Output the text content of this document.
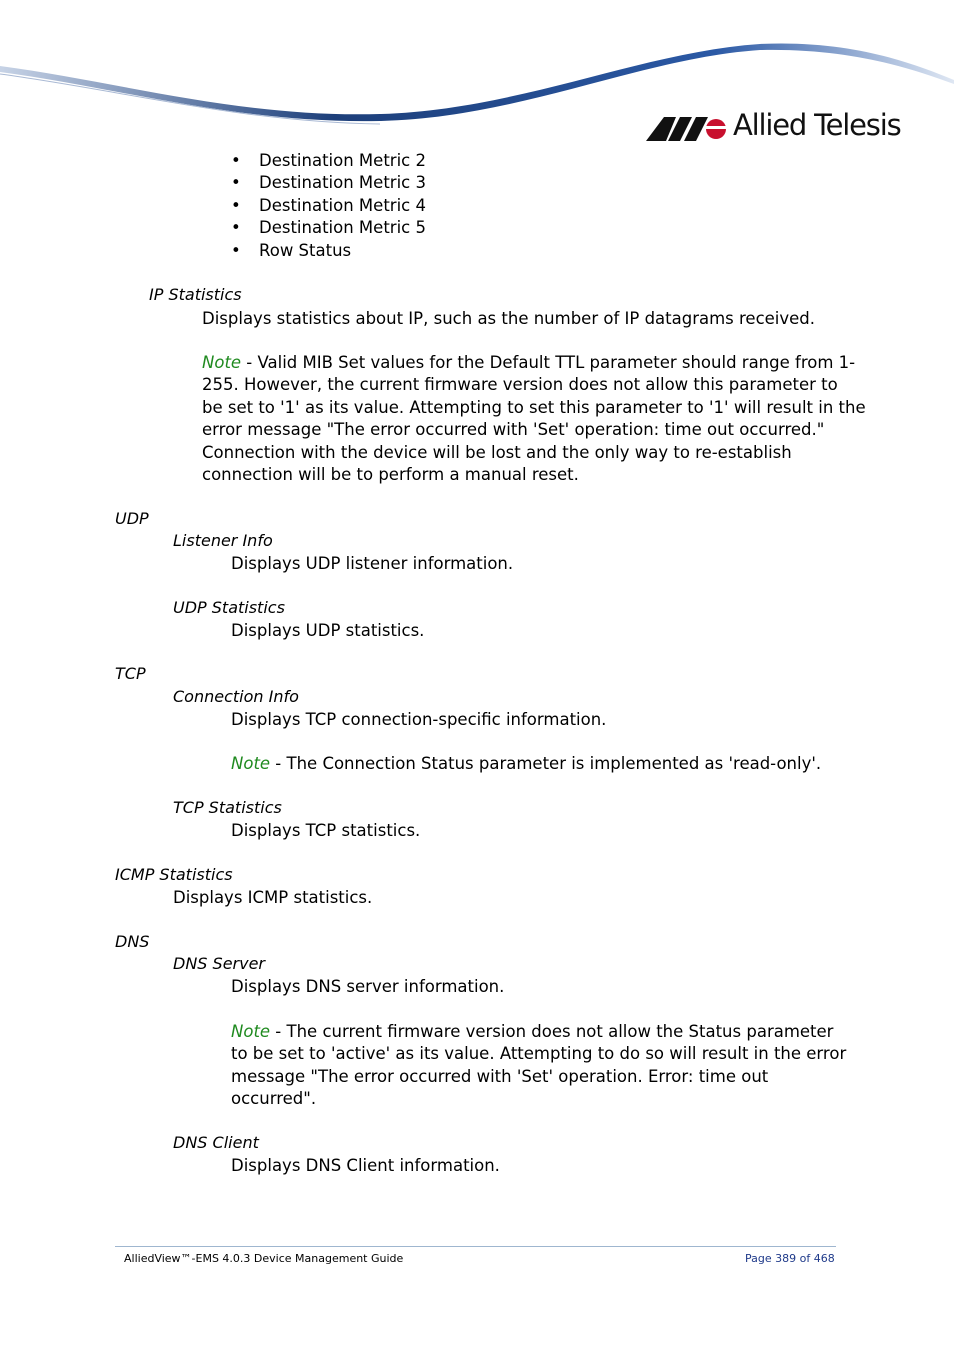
Allied Telesis
• Destination Metric 2
• Destination Metric 3
• Destination Metric 4
• Destination Metric 5
• Row Status
IP Statistics
Displays statistics about IP, such as the number of IP datagrams received.
Note - Valid MIB Set values for the Default TTL parameter should range from 1-
255. However, the current firmware version does not allow this parameter to
be set to '1' as its value. Attempting to set this parameter to '1' will result in the
error message "The error occurred with 'Set' operation: time out occurred."
Connection with the device will be lost and the only way to re-establish
connection will be to perform a manual reset.
UDP
Listener Info
Displays UDP listener information.
UDP Statistics
Displays UDP statistics.
TCP
Connection Info
Displays TCP connection-specific information.
Note - The Connection Status parameter is implemented as 'read-only'.
TCP Statistics
Displays TCP statistics.
ICMP Statistics
Displays ICMP statistics.
DNS
DNS Server
Displays DNS server information.
Note - The current firmware version does not allow the Status parameter
to be set to 'active' as its value. Attempting to do so will result in the error
message "The error occurred with 'Set' operation. Error: time out
occurred".
DNS Client
Displays DNS Client information.
AlliedView™-EMS 4.0.3 Device Management Guide	Page 389 of 468
